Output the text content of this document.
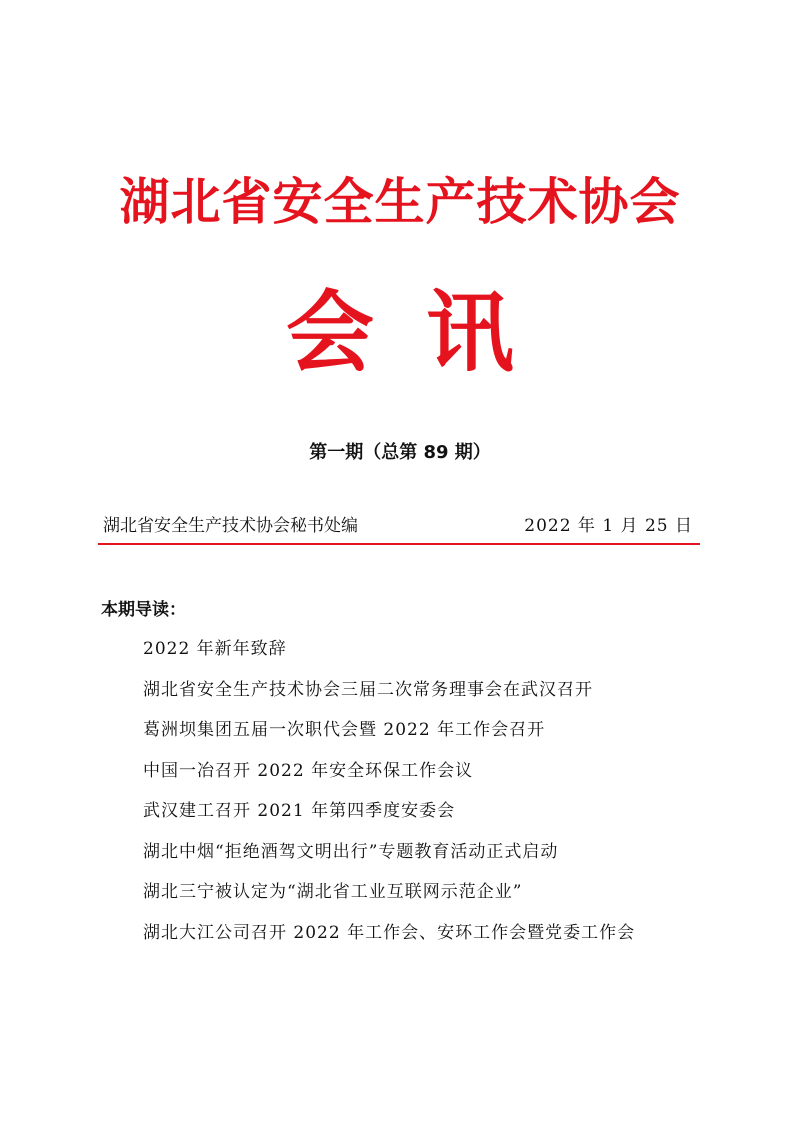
湖北省安全生产技术协会
会讯
第一期（总第 89 期）
湖北省安全生产技术协会秘书处编	2022 年 1 月 25 日
本期导读：
2022 年新年致辞
湖北省安全生产技术协会三届二次常务理事会在武汉召开
葛洲坝集团五届一次职代会暨 2022 年工作会召开
中国一冶召开 2022 年安全环保工作会议
武汉建工召开 2021 年第四季度安委会
湖北中烟“拒绝酒驾文明出行”专题教育活动正式启动
湖北三宁被认定为“湖北省工业互联网示范企业”
湖北大江公司召开 2022 年工作会、安环工作会暨党委工作会
